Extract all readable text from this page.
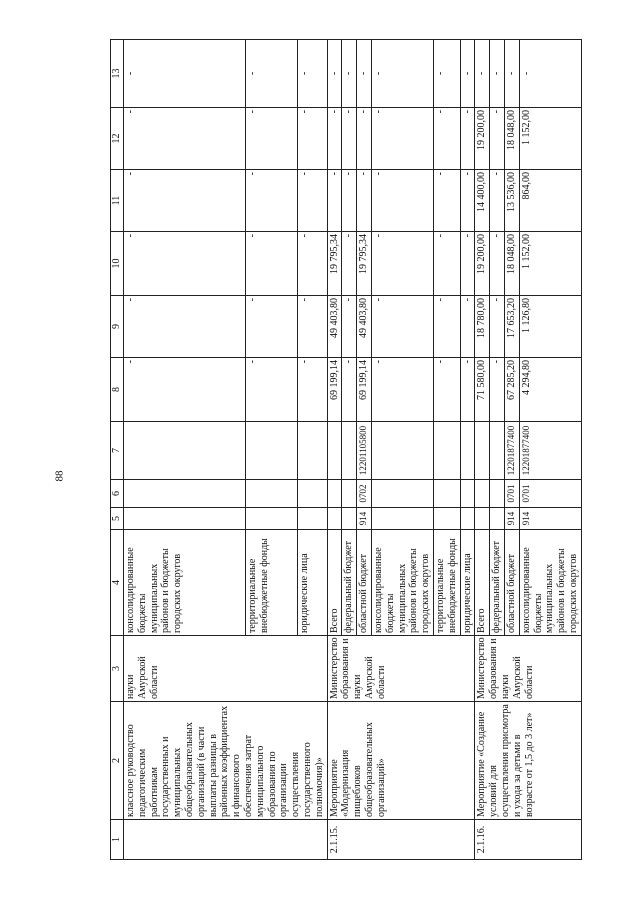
88
1	2	3	4	5	6	7	8	9	10	11	12	13
	классное руководство педагогическим работникам государственных и муниципальных общеобразовательных организаций (в части выплаты разницы в районных коэффициентах и финансового обеспечения затрат муниципального образования по организации осуществления государственного полномочия)»	науки Амурской области	консолидированные бюджеты муниципальных районов и бюджеты городских округов				-	-	-	-	-	-
			территориальные внебюджетные фонды				-	-	-	-	-	-
			юридические лица				-	-	-	-	-	-
2.1.15.	Мероприятие «Модернизация пищеблоков общеобразовательных организаций»	Министерство образования и науки Амурской области	Всего				69 199,14	49 403,80	19 795,34	-	-	-
			федеральный бюджет				-	-	-	-	-	-
			областной бюджет	914	0702	12201105800	69 199,14	49 403,80	19 795,34	-	-	-
			консолидированные бюджеты муниципальных районов и бюджеты городских округов				-	-	-	-	-	-
			территориальные внебюджетные фонды				-	-	-	-	-	-
			юридические лица				-	-	-	-	-	-
2.1.16.	Мероприятие «Создание условий для осуществления присмотра и ухода за детьми в возрасте от 1,5 до 3 лет»	Министерство образования и науки Амурской области	Всего				71 580,00	18 780,00	19 200,00	14 400,00	19 200,00	-
			федеральный бюджет				-	-	-	-	-	-
			областной бюджет	914	0701	12201877400	67 285,20	17 653,20	18 048,00	13 536,00	18 048,00	-
			консолидированные бюджеты муниципальных районов и бюджеты городских округов	914	0701	12201877400	4 294,80	1 126,80	1 152,00	864,00	1 152,00	-
